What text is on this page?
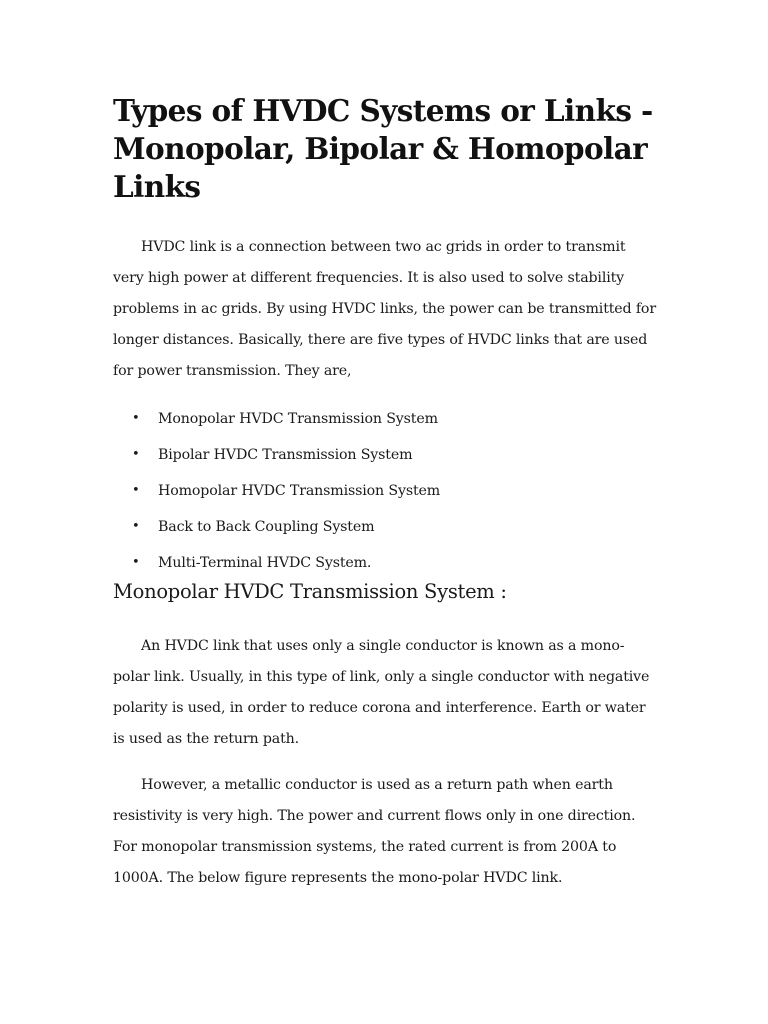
Types of HVDC Systems or Links - Monopolar, Bipolar & Homopolar Links

HVDC link is a connection between two ac grids in order to transmit very high power at different frequencies. It is also used to solve stability problems in ac grids. By using HVDC links, the power can be transmitted for longer distances. Basically, there are five types of HVDC links that are used for power transmission. They are,

• Monopolar HVDC Transmission System
• Bipolar HVDC Transmission System
• Homopolar HVDC Transmission System
• Back to Back Coupling System
• Multi-Terminal HVDC System.
Monopolar HVDC Transmission System :

An HVDC link that uses only a single conductor is known as a mono-polar link. Usually, in this type of link, only a single conductor with negative polarity is used, in order to reduce corona and interference. Earth or water is used as the return path.

However, a metallic conductor is used as a return path when earth resistivity is very high. The power and current flows only in one direction. For monopolar transmission systems, the rated current is from 200A to 1000A. The below figure represents the mono-polar HVDC link.
